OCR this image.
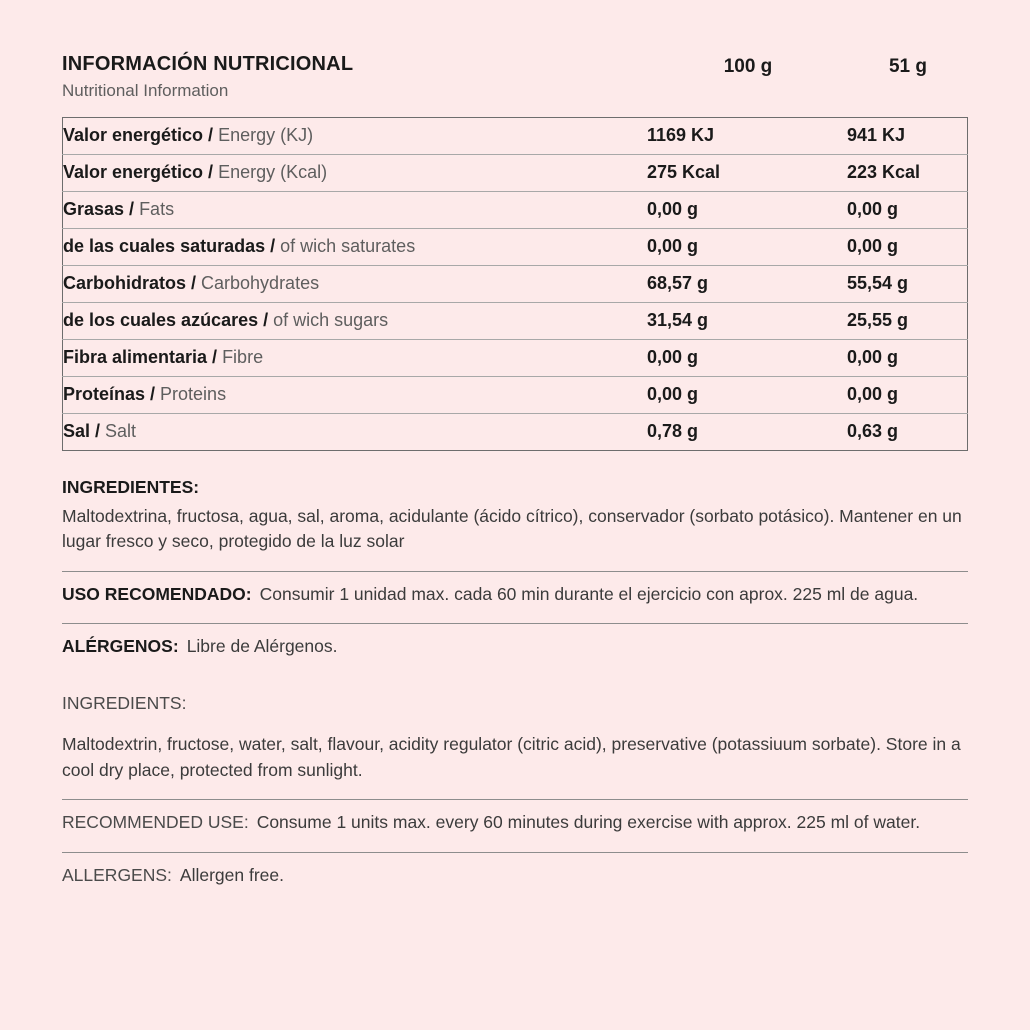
INFORMACIÓN NUTRICIONAL
Nutritional Information
100 g	51 g
Valor energético / Energy (KJ)	1169 KJ	941 KJ
Valor energético / Energy (Kcal)	275 Kcal	223 Kcal
Grasas / Fats	0,00 g	0,00 g
de las cuales saturadas / of wich saturates	0,00 g	0,00 g
Carbohidratos / Carbohydrates	68,57 g	55,54 g
de los cuales azúcares / of wich sugars	31,54 g	25,55 g
Fibra alimentaria / Fibre	0,00 g	0,00 g
Proteínas / Proteins	0,00 g	0,00 g
Sal / Salt	0,78 g	0,63 g
INGREDIENTES:
Maltodextrina, fructosa, agua, sal, aroma, acidulante (ácido cítrico), conservador (sorbato potásico). Mantener en un lugar fresco y seco, protegido de la luz solar
USO RECOMENDADO: Consumir 1 unidad max. cada 60 min durante el ejercicio con aprox. 225 ml de agua.
ALÉRGENOS: Libre de Alérgenos.
INGREDIENTS:
Maltodextrin, fructose, water, salt, flavour, acidity regulator (citric acid), preservative (potassiuum sorbate). Store in a cool dry place, protected from sunlight.
RECOMMENDED USE: Consume 1 units max. every 60 minutes during exercise with approx. 225 ml of water.
ALLERGENS: Allergen free.
